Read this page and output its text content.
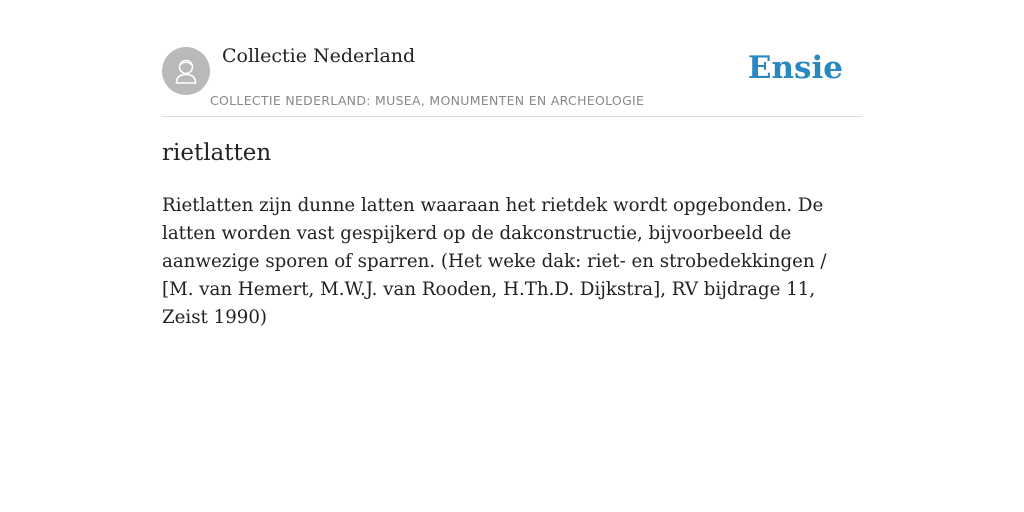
Collectie Nederland
COLLECTIE NEDERLAND: MUSEA, MONUMENTEN EN ARCHEOLOGIE
Ensie
rietlatten

Rietlatten zijn dunne latten waaraan het rietdek wordt opgebonden. De latten worden vast gespijkerd op de dakconstructie, bijvoorbeeld de aanwezige sporen of sparren. (Het weke dak: riet- en strobedekkingen / [M. van Hemert, M.W.J. van Rooden, H.Th.D. Dijkstra], RV bijdrage 11, Zeist 1990)
